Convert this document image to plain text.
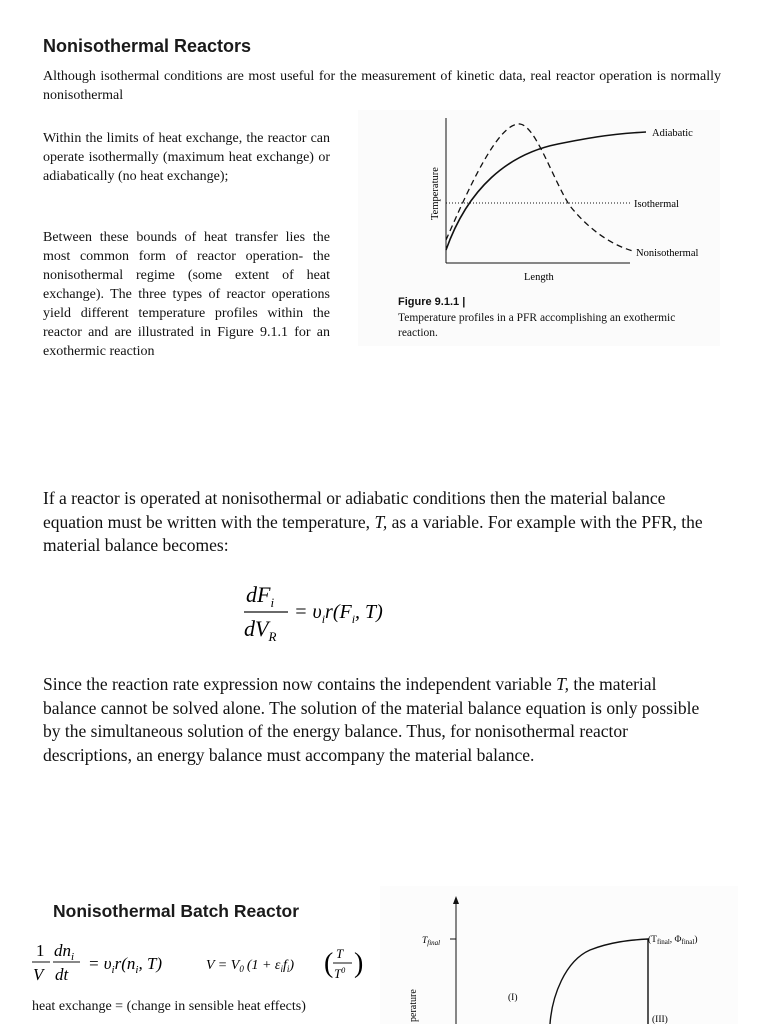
Nonisothermal Reactors
Although isothermal conditions are most useful for the measurement of kinetic data, real reactor operation is normally nonisothermal
Within the limits of heat exchange, the reactor can operate isothermally (maximum heat exchange) or adiabatically (no heat exchange);
Between these bounds of heat transfer lies the most common form of reactor operation- the nonisothermal regime (some extent of heat exchange). The three types of reactor operations yield different temperature profiles within the reactor and are illustrated in Figure 9.1.1 for an exothermic reaction
Adiabatic
Isothermal
Nonisothermal
Temperature
Length
Figure 9.1.1 |
Temperature profiles in a PFR accomplishing an exothermic reaction.
If a reactor is operated at nonisothermal or adiabatic conditions then the material balance equation must be written with the temperature, T, as a variable. For example with the PFR, the material balance becomes:
$dF_i$
$dV_R$
= $\upsilon_ir(F_i$, T)
Since the reaction rate expression now contains the independent variable T, the material balance cannot be solved alone. The solution of the material balance equation is only possible by the simultaneous solution of the energy balance. Thus, for nonisothermal reactor descriptions, an energy balance must accompany the material balance.
Nonisothermal Batch Reactor
1
V
$dn_i$
dt
= $\upsilon_ir(n_i$, T)	$V = V_0$ $(1 + \varepsilon_if_i)$ ( T
$T^0$ )
heat exchange = (change in sensible heat effects)
$T_{final}$	($T_{final}$, $\Phi_{final}$)
(I)
(III)
perature
